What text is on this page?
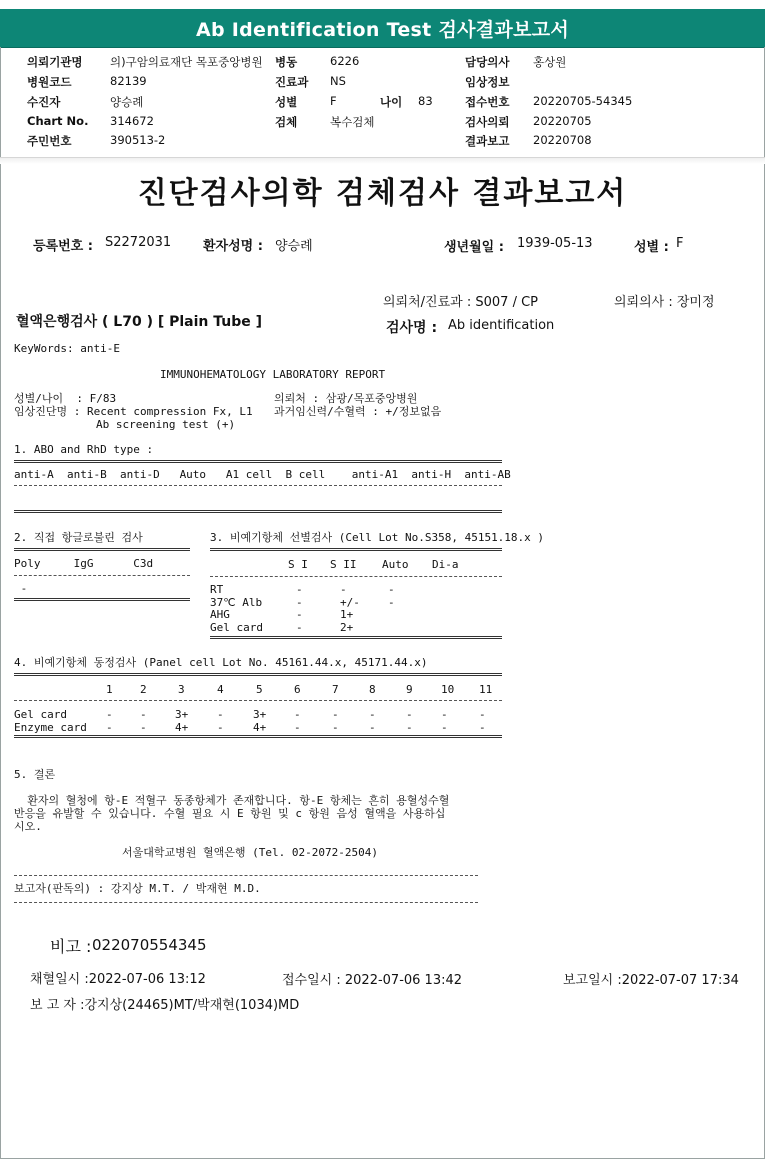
Ab Identification Test 검사결과보고서
의뢰기관명 의)구암의료재단 목포중앙병원 병동	6226	담당의사 홍상원
병원코드	82139	진료과 NS	임상정보
수진자	양승례	성별	F	나이 83	접수번호 20220705-54345
Chart No. 314672	검체	복수검체	검사의뢰 20220705
주민번호	390513-2	결과보고 20220708
진단검사의학 검체검사 결과보고서
등록번호 : S2272031 환자성명 : 양승례	생년월일 : 1939-05-13	성별 : F
의뢰처/진료과 : S007 / CP	의뢰의사 : 장미정
혈액은행검사 ( L70 ) [ Plain Tube ]	검사명 : Ab identification
KeyWords: anti-E
IMMUNOHEMATOLOGY LABORATORY REPORT
성별/나이  : F/83	의뢰처 : 삼광/목포중앙병원
임상진단명 : Recent compression Fx, L1 과거임신력/수혈력 : +/정보없음
Ab screening test (+)
1. ABO and RhD type :
anti-A  anti-B  anti-D   Auto   A1 cell  B cell    anti-A1  anti-H  anti-AB
2. 직접 항글로불린 검사
Poly     IgG      C3d
-
3. 비예기항체 선별검사 (Cell Lot No.S358, 45151.18.x )
S I S II Auto Di-a
RT	-	-	-
37℃ Alb	-	+/-	-
AHG	-	1+
Gel card	-	2+
4. 비예기항체 동정검사 (Panel cell Lot No. 45161.44.x, 45171.44.x)
1 2	3	4	5	6	7	8	9	10 11
Gel card	- -	3+	-	3+	-	-	-	-	-	-
Enzyme card - -	4+	-	4+	-	-	-	-	-	-
5. 결론
환자의 혈청에 항-E 적혈구 동종항체가 존재합니다. 항-E 항체는 흔히 용혈성수혈
반응을 유발할 수 있습니다. 수혈 필요 시 E 항원 및 c 항원 음성 혈액을 사용하십
시오.
서울대학교병원 혈액은행 (Tel. 02-2072-2504)
보고자(판독의) : 강지상 M.T. / 박재현 M.D.
비고 : 022070554345
채혈일시 :2022-07-06 13:12	접수일시 : 2022-07-06 13:42	보고일시 :2022-07-07 17:34
보 고 자 :강지상(24465)MT/박재현(1034)MD
